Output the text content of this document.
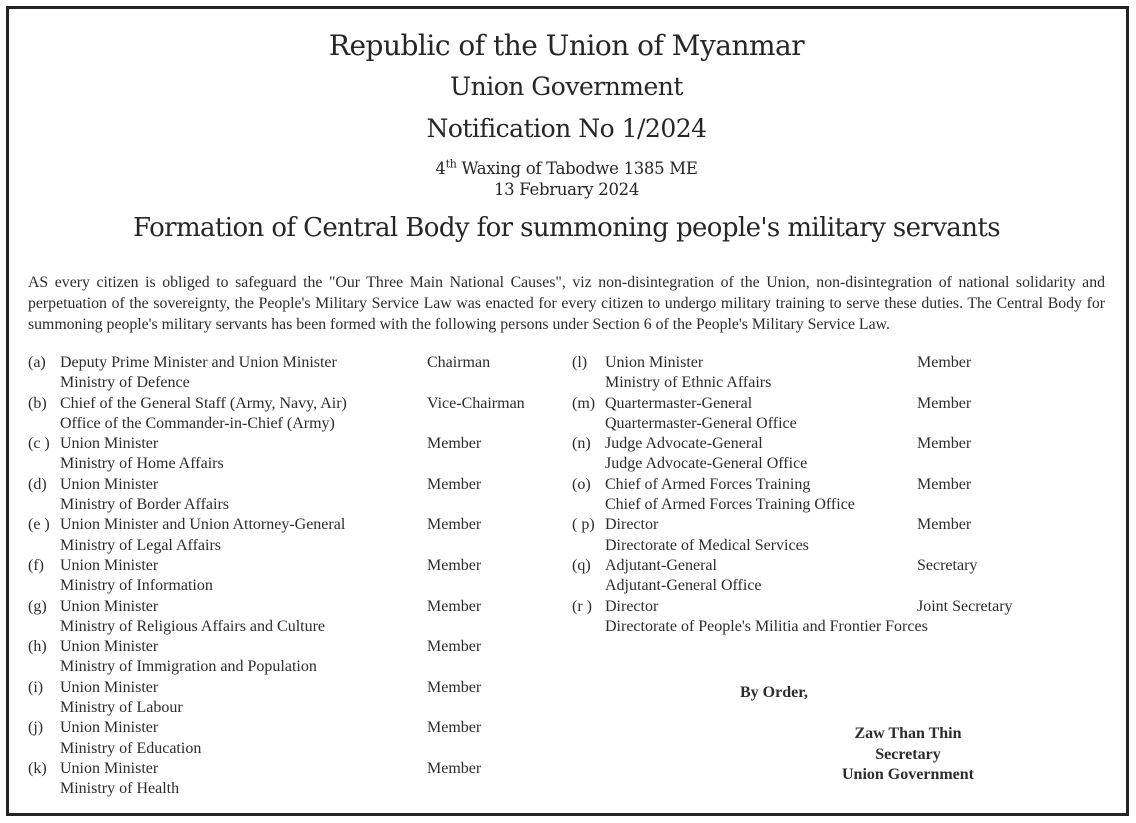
Republic of the Union of Myanmar
Union Government
Notification No 1/2024
4th Waxing of Tabodwe 1385 ME
13 February 2024
Formation of Central Body for summoning people's military servants

AS every citizen is obliged to safeguard the "Our Three Main National Causes", viz non-disintegration of the Union, non-disintegration of national solidarity and perpetuation of the sovereignty, the People's Military Service Law was enacted for every citizen to undergo military training to serve these duties. The Central Body for summoning people's military servants has been formed with the following persons under Section 6 of the People's Military Service Law.

(a) Deputy Prime Minister and Union Minister	Chairman
Ministry of Defence
(b) Chief of the General Staff (Army, Navy, Air)	Vice-Chairman
Office of the Commander-in-Chief (Army)
(c ) Union Minister	Member
Ministry of Home Affairs
(d) Union Minister	Member
Ministry of Border Affairs
(e ) Union Minister and Union Attorney-General	Member
Ministry of Legal Affairs
(f)	Union Minister	Member
Ministry of Information
(g) Union Minister	Member
Ministry of Religious Affairs and Culture
(h) Union Minister	Member
Ministry of Immigration and Population
(i)	Union Minister	Member
Ministry of Labour
(j)	Union Minister	Member
Ministry of Education
(k) Union Minister	Member
Ministry of Health
(l)	Union Minister	Member
Ministry of Ethnic Affairs
(m) Quartermaster-General	Member
Quartermaster-General Office
(n) Judge Advocate-General	Member
Judge Advocate-General Office
(o) Chief of Armed Forces Training	Member
Chief of Armed Forces Training Office
( p) Director	Member
Directorate of Medical Services
(q) Adjutant-General	Secretary
Adjutant-General Office
(r ) Director	Joint Secretary
Directorate of People's Militia and Frontier Forces
By Order,
Zaw Than Thin
Secretary
Union Government
